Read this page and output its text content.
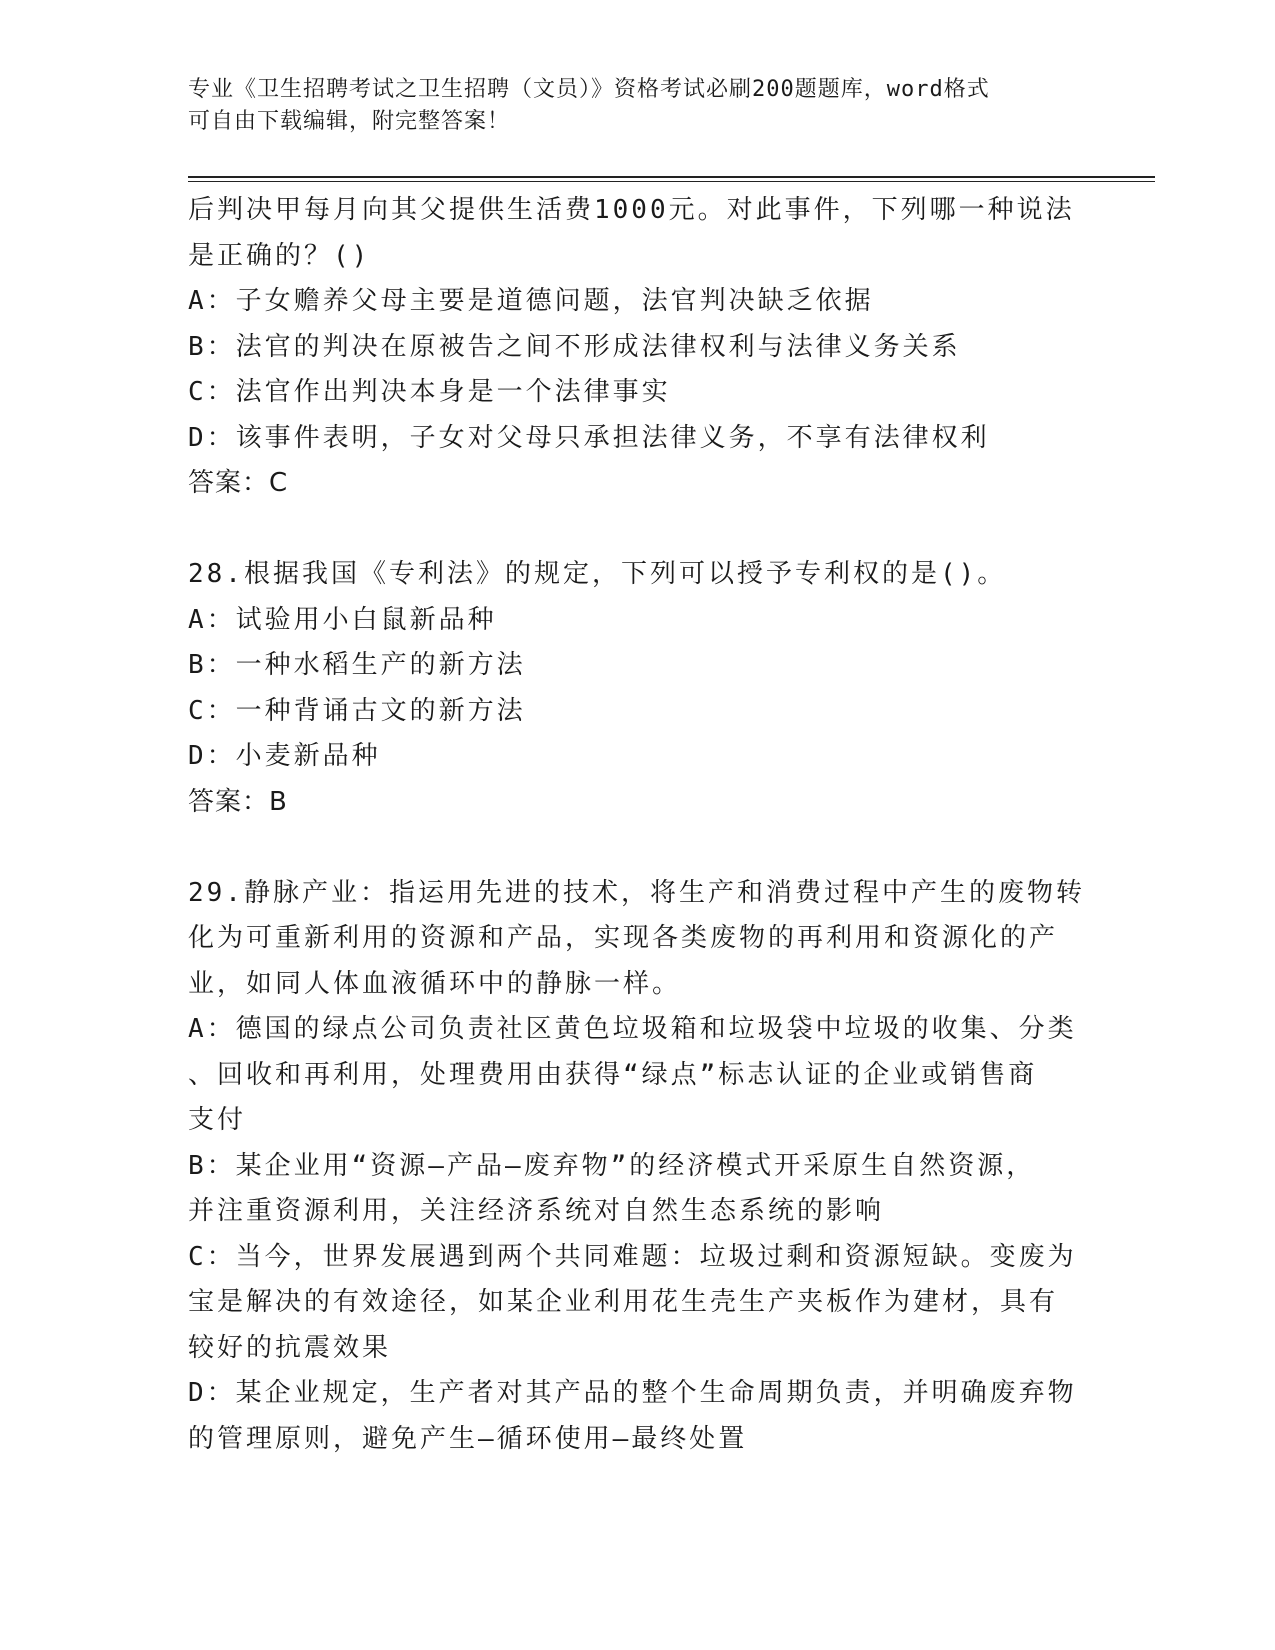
专业《卫生招聘考试之卫生招聘（文员）》资格考试必刷200题题库，word格式
可自由下载编辑，附完整答案！
后判决甲每月向其父提供生活费1000元。对此事件，下列哪一种说法
是正确的？()
A：子女赡养父母主要是道德问题，法官判决缺乏依据
B：法官的判决在原被告之间不形成法律权利与法律义务关系
C：法官作出判决本身是一个法律事实
D：该事件表明，子女对父母只承担法律义务，不享有法律权利
答案：C
28.根据我国《专利法》的规定，下列可以授予专利权的是()。
A：试验用小白鼠新品种
B：一种水稻生产的新方法
C：一种背诵古文的新方法
D：小麦新品种
答案：B
29.静脉产业：指运用先进的技术，将生产和消费过程中产生的废物转
化为可重新利用的资源和产品，实现各类废物的再利用和资源化的产
业，如同人体血液循环中的静脉一样。
A：德国的绿点公司负责社区黄色垃圾箱和垃圾袋中垃圾的收集、分类
、回收和再利用，处理费用由获得“绿点”标志认证的企业或销售商
支付
B：某企业用“资源—产品—废弃物”的经济模式开采原生自然资源，
并注重资源利用，关注经济系统对自然生态系统的影响
C：当今，世界发展遇到两个共同难题：垃圾过剩和资源短缺。变废为
宝是解决的有效途径，如某企业利用花生壳生产夹板作为建材，具有
较好的抗震效果
D：某企业规定，生产者对其产品的整个生命周期负责，并明确废弃物
的管理原则，避免产生—循环使用—最终处置
